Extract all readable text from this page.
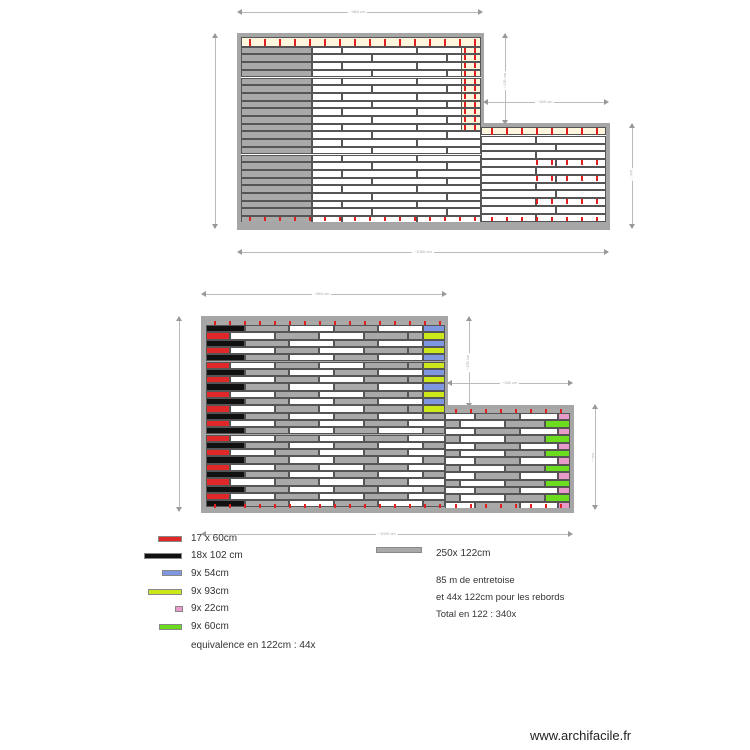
~864 cm
~135 cm
~340 cm
~ cm
~1000 cm
~864 cm
~135 cm
~340 cm
~ cm
~1000 cm
17 x 60cm
18x 102 cm
9x 54cm
9x 93cm
9x 22cm
9x 60cm
equivalence en 122cm : 44x
250x 122cm
85 m de entretoise
et 44x 122cm pour les rebords
Total en 122 : 340x
www.archifacile.fr
